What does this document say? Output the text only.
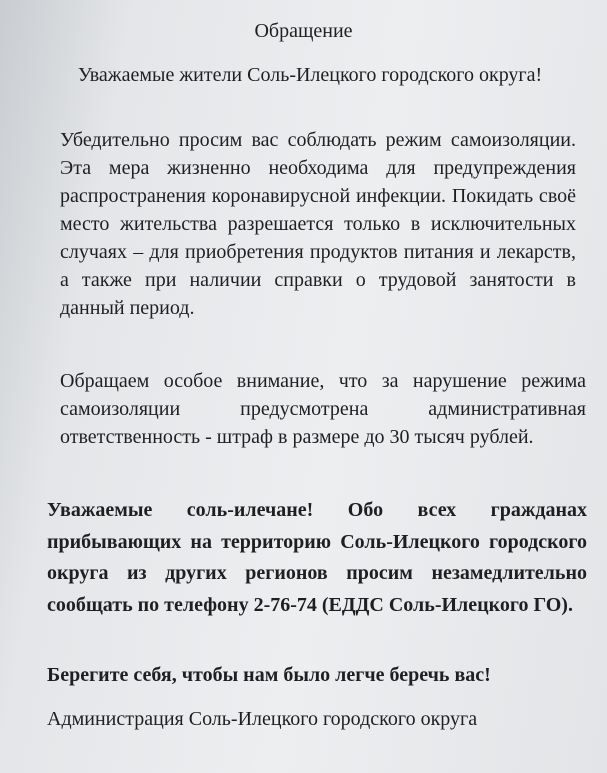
Обращение
Уважаемые жители Соль-Илецкого городского округа!

Убедительно просим вас соблюдать режим самоизоляции. Эта мера жизненно необходима для предупреждения распространения коронавирусной инфекции. Покидать своё место жительства разрешается только в исключительных случаях – для приобретения продуктов питания и лекарств, а также при наличии справки о трудовой занятости в данный период.

Обращаем особое внимание, что за нарушение режима самоизоляции предусмотрена административная ответственность - штраф в размере до 30 тысяч рублей.

Уважаемые соль-илечане! Обо всех гражданах прибывающих на территорию Соль-Илецкого городского округа из других регионов просим незамедлительно сообщать по телефону 2-76-74 (ЕДДС Соль-Илецкого ГО).

Берегите себя, чтобы нам было легче беречь вас!

Администрация Соль-Илецкого городского округа
